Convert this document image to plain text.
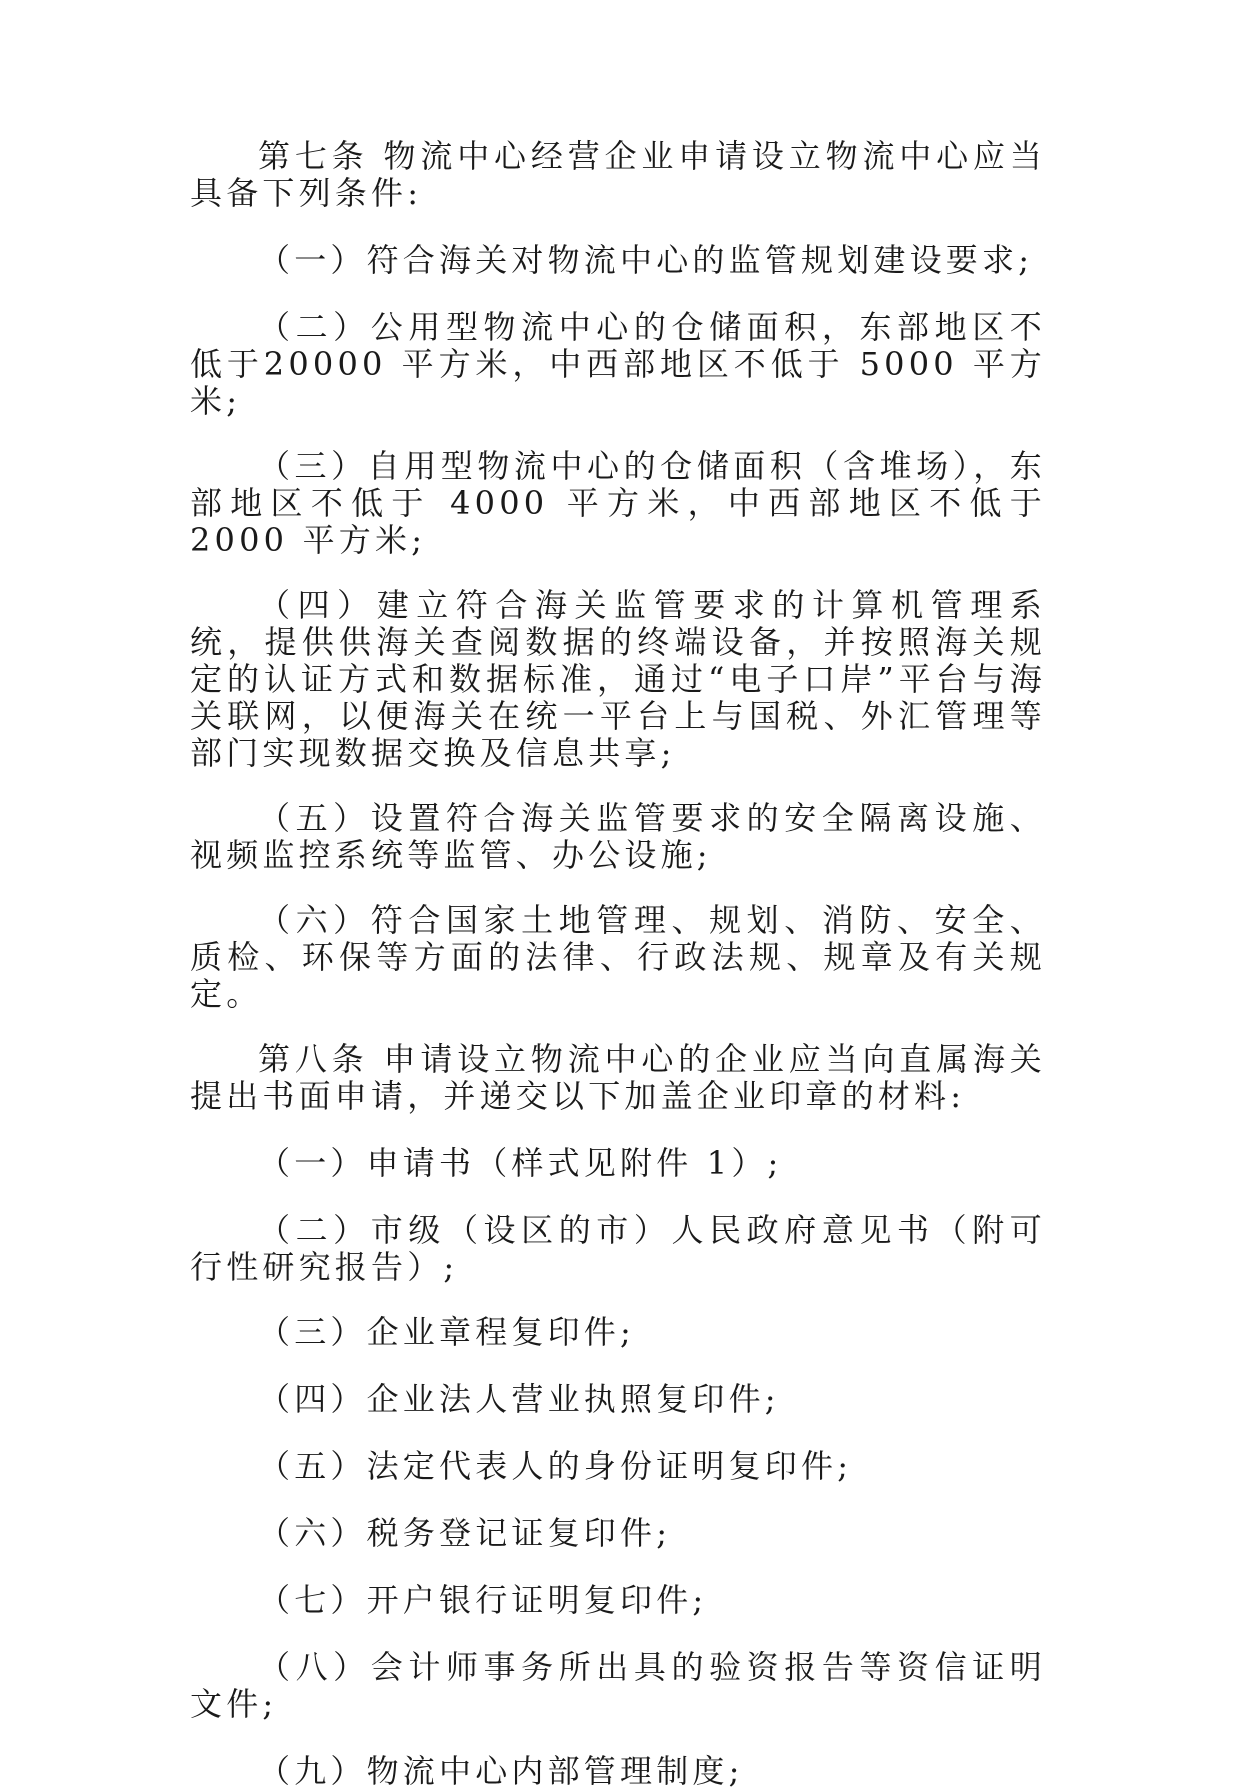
第七条 物流中心经营企业申请设立物流中心应当具备下列条件:

（一）符合海关对物流中心的监管规划建设要求;

（二）公用型物流中心的仓储面积，东部地区不低于20000 平方米，中西部地区不低于 5000 平方米;

（三）自用型物流中心的仓储面积（含堆场），东部地区不低于 4000 平方米，中西部地区不低于 2000 平方米;

（四）建立符合海关监管要求的计算机管理系统，提供供海关查阅数据的终端设备，并按照海关规定的认证方式和数据标准，通过“电子口岸”平台与海关联网，以便海关在统一平台上与国税、外汇管理等部门实现数据交换及信息共享;

（五）设置符合海关监管要求的安全隔离设施、视频监控系统等监管、办公设施;

（六）符合国家土地管理、规划、消防、安全、质检、环保等方面的法律、行政法规、规章及有关规定。

第八条 申请设立物流中心的企业应当向直属海关提出书面申请，并递交以下加盖企业印章的材料:

（一）申请书（样式见附件 1）;

（二）市级（设区的市）人民政府意见书（附可行性研究报告）;

（三）企业章程复印件;

（四）企业法人营业执照复印件;

（五）法定代表人的身份证明复印件;

（六）税务登记证复印件;

（七）开户银行证明复印件;

（八）会计师事务所出具的验资报告等资信证明文件;

（九）物流中心内部管理制度;
